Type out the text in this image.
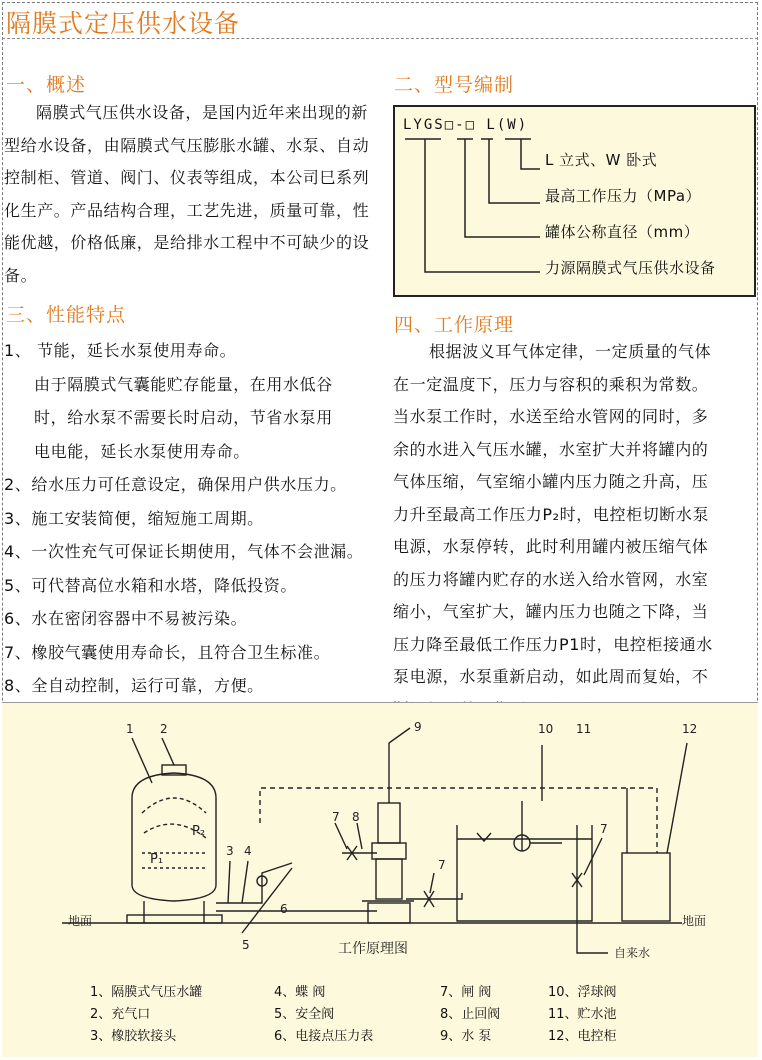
隔膜式定压供水设备
一、概述

隔膜式气压供水设备，是国内近年来出现的新型给水设备，由隔膜式气压膨胀水罐、水泵、自动控制柜、管道、阀门、仪表等组成，本公司巳系列化生产。产品结构合理，工艺先进，质量可靠，性能优越，价格低廉，是给排水工程中不可缺少的设备。

三、性能特点
1、 节能，延长水泵使用寿命。
由于隔膜式气囊能贮存能量，在用水低谷
时，给水泵不需要长时启动，节省水泵用
电电能，延长水泵使用寿命。
2、给水压力可任意设定，确保用户供水压力。
3、施工安装简便，缩短施工周期。
4、一次性充气可保证长期使用，气体不会泄漏。
5、可代替高位水箱和水塔，降低投资。
6、水在密闭容器中不易被污染。
7、橡胶气囊使用寿命长，且符合卫生标准。
8、全自动控制，运行可靠，方便。
二、型号编制
LYGS□-□ L(W)
L 立式、W 卧式
最高工作压力（MPa）
罐体公称直径（mm）
力源隔膜式气压供水设备
四、工作原理

根据波义耳气体定律，一定质量的气体

在一定温度下，压力与容积的乘积为常数。

当水泵工作时，水送至给水管网的同时，多

余的水进入气压水罐，水室扩大并将罐内的

气体压缩，气室缩小罐内压力随之升高，压

力升至最高工作压力P₂时，电控柜切断水泵

电源，水泵停转，此时利用罐内被压缩气体

的压力将罐内贮存的水送入给水管网，水室

缩小，气室扩大，罐内压力也随之下降，当

压力降至最低工作压力P1时，电控柜接通水

泵电源，水泵重新启动，如此周而复始，不

1 2
3 4
5
6
7 8
9	10 11	12
7
7
P₁
P₂
地面	地面
自来水
工作原理图
1、隔膜式气压水罐	4、蝶 阀	7、闸 阀	10、浮球阀
2、充气口	5、安全阀	8、止回阀	11、贮水池
3、橡胶软接头	6、电接点压力表	9、水 泵	12、电控柜
